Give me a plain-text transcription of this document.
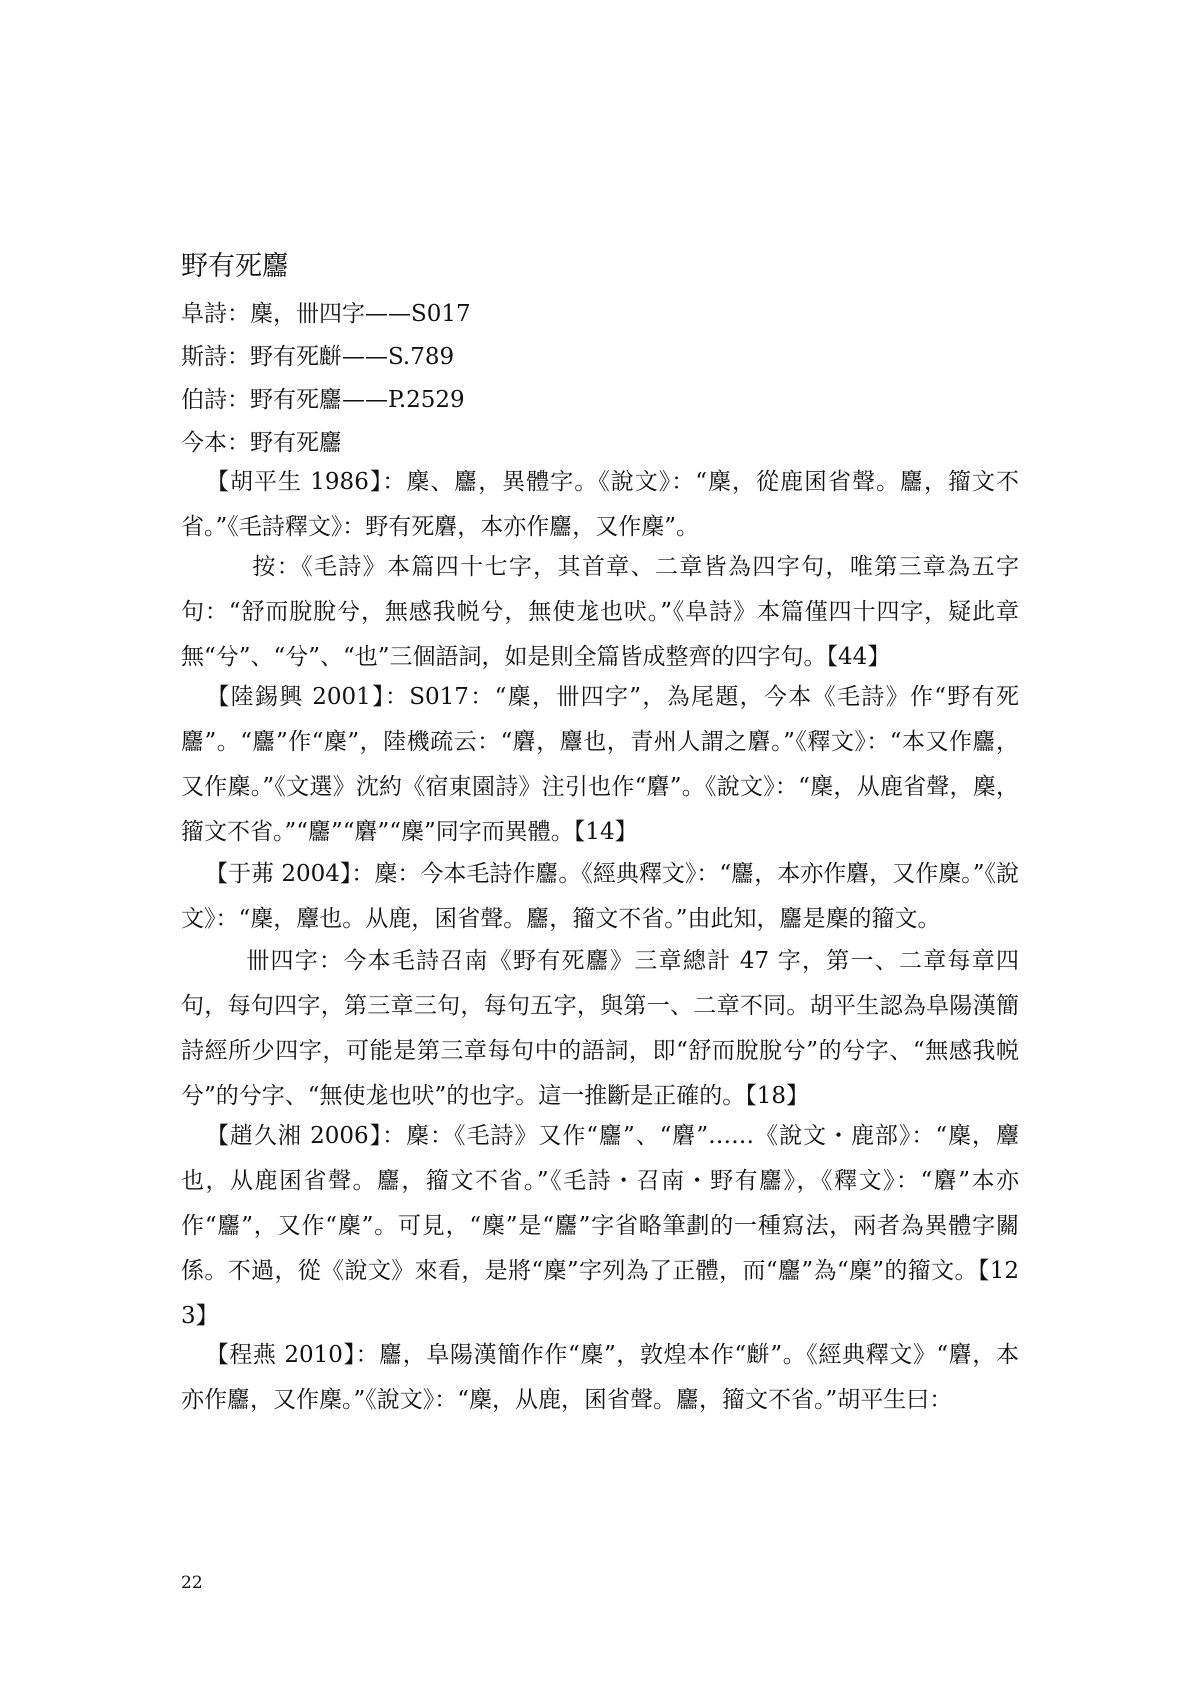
野有死麢
阜詩：麇，卌四字——S017
斯詩：野有死𪋋——S.789
伯詩：野有死麢——P.2529
今本：野有死麢
【胡平生 1986】：麇、麢，異體字。《說文》：“麇，從鹿囷省聲。麢，籀文不省。”《毛詩釋文》：野有死麏，本亦作麢，又作麇”。
按：《毛詩》本篇四十七字，其首章、二章皆為四字句，唯第三章為五字句：“舒而脫脫兮，無感我帨兮，無使尨也吠。”《阜詩》本篇僅四十四字，疑此章無“兮”、“兮”、“也”三個語詞，如是則全篇皆成整齊的四字句。【44】
【陸錫興 2001】：S017：“麇，卌四字”，為尾題，今本《毛詩》作“野有死麢”。“麢”作“麇”，陸機疏云：“麏，麞也，青州人謂之麏。”《釋文》：“本又作麢，又作麇。”《文選》沈約《宿東園詩》注引也作“麏”。《說文》：“麇，从鹿省聲，麇，籀文不省。”“麢”“麏”“麇”同字而異體。【14】
【于茀 2004】：麇：今本毛詩作麢。《經典釋文》：“麢，本亦作麏，又作麇。”《說文》：“麇，麞也。从鹿，囷省聲。麢，籀文不省。”由此知，麢是麇的籀文。
卌四字：今本毛詩召南《野有死麢》三章總計 47 字，第一、二章每章四句，每句四字，第三章三句，每句五字，與第一、二章不同。胡平生認為阜陽漢簡詩經所少四字，可能是第三章每句中的語詞，即“舒而脫脫兮”的兮字、“無感我帨兮”的兮字、“無使尨也吠”的也字。這一推斷是正確的。【18】
【趙久湘 2006】：麇：《毛詩》又作“麢”、“麏”……《說文・鹿部》：“麇，麞也，从鹿囷省聲。麢，籀文不省。”《毛詩・召南・野有麢》，《釋文》：“麏”本亦作“麢”，又作“麇”。可見，“麇”是“麢”字省略筆劃的一種寫法，兩者為異體字關係。不過，從《說文》來看，是將“麇”字列為了正體，而“麢”為“麇”的籀文。【123】
【程燕 2010】：麢，阜陽漢簡作作“麇”，敦煌本作“𪋋”。《經典釋文》“麏，本亦作麢，又作麇。”《說文》：“麇，从鹿，囷省聲。麢，籀文不省。”胡平生曰：
22
